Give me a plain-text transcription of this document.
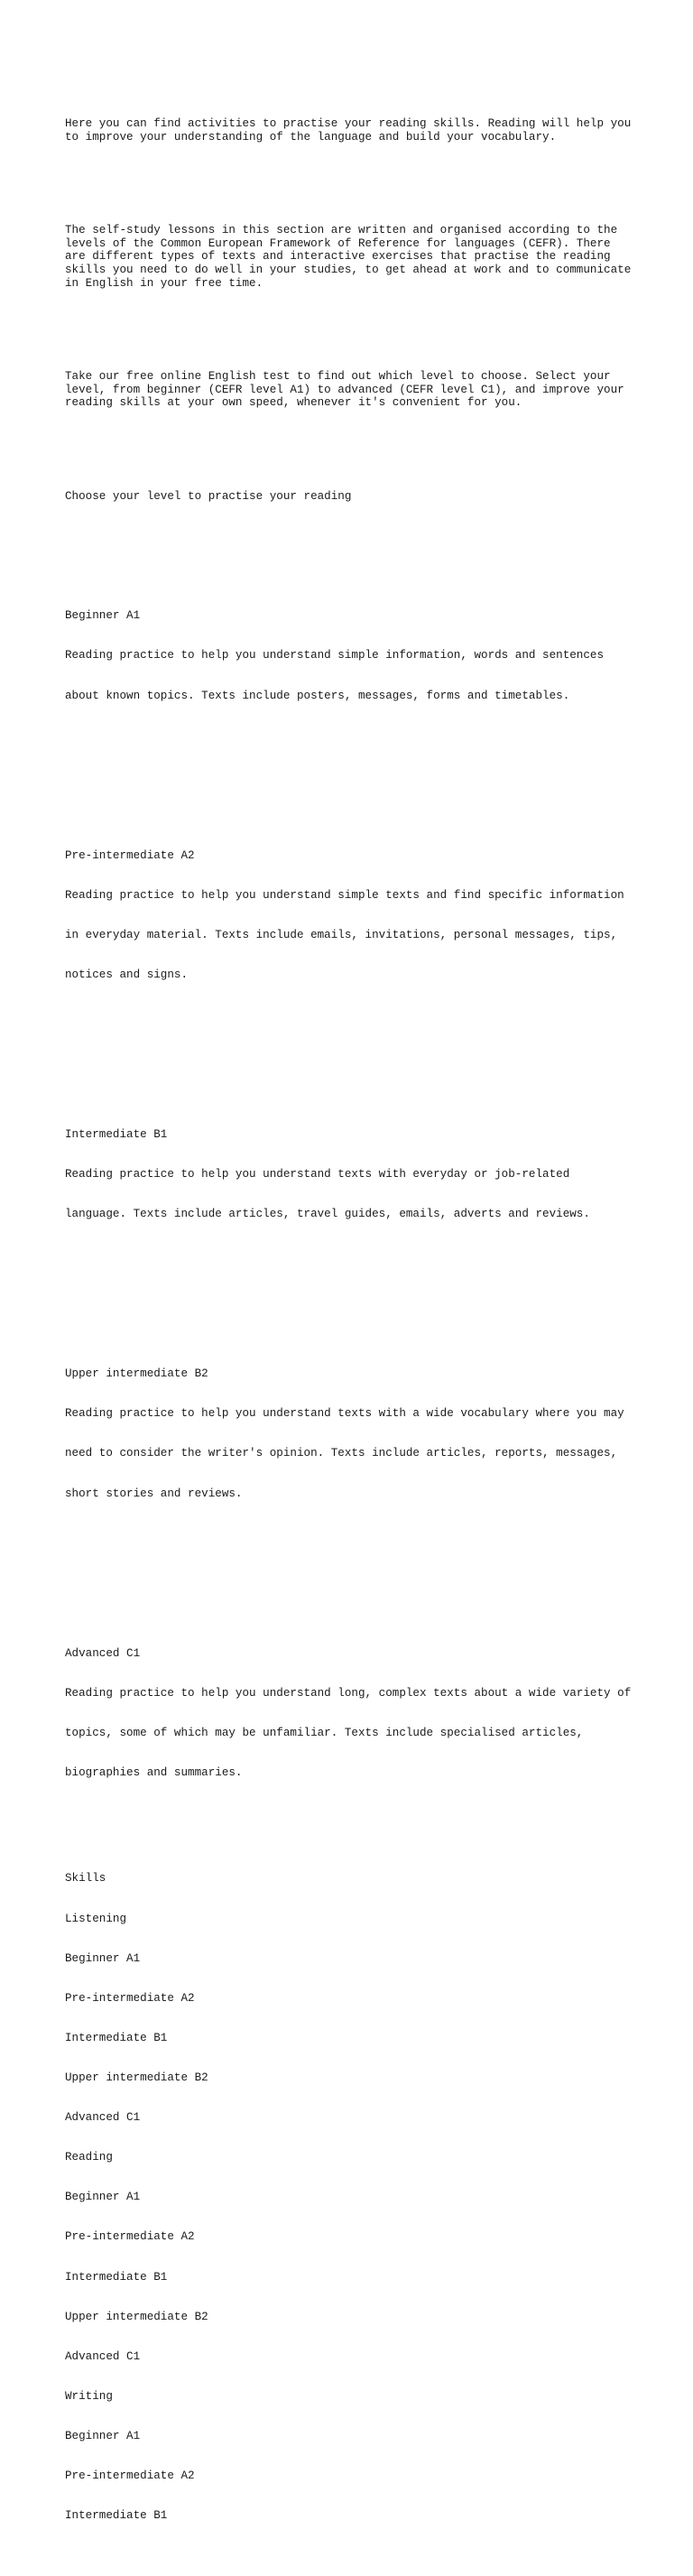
Here you can find activities to practise your reading skills. Reading will help you
to improve your understanding of the language and build your vocabulary.

The self-study lessons in this section are written and organised according to the
levels of the Common European Framework of Reference for languages (CEFR). There
are different types of texts and interactive exercises that practise the reading
skills you need to do well in your studies, to get ahead at work and to communicate
in English in your free time.

Take our free online English test to find out which level to choose. Select your
level, from beginner (CEFR level A1) to advanced (CEFR level C1), and improve your
reading skills at your own speed, whenever it's convenient for you.

Choose your level to practise your reading

Beginner A1

Reading practice to help you understand simple information, words and sentences

about known topics. Texts include posters, messages, forms and timetables.

Pre-intermediate A2

Reading practice to help you understand simple texts and find specific information

in everyday material. Texts include emails, invitations, personal messages, tips,

notices and signs.

Intermediate B1

Reading practice to help you understand texts with everyday or job-related

language. Texts include articles, travel guides, emails, adverts and reviews.

Upper intermediate B2

Reading practice to help you understand texts with a wide vocabulary where you may

need to consider the writer's opinion. Texts include articles, reports, messages,

short stories and reviews.

Advanced C1

Reading practice to help you understand long, complex texts about a wide variety of

topics, some of which may be unfamiliar. Texts include specialised articles,

biographies and summaries.

Skills

Listening

Beginner A1

Pre-intermediate A2

Intermediate B1

Upper intermediate B2

Advanced C1

Reading

Beginner A1

Pre-intermediate A2

Intermediate B1

Upper intermediate B2

Advanced C1

Writing

Beginner A1

Pre-intermediate A2

Intermediate B1
